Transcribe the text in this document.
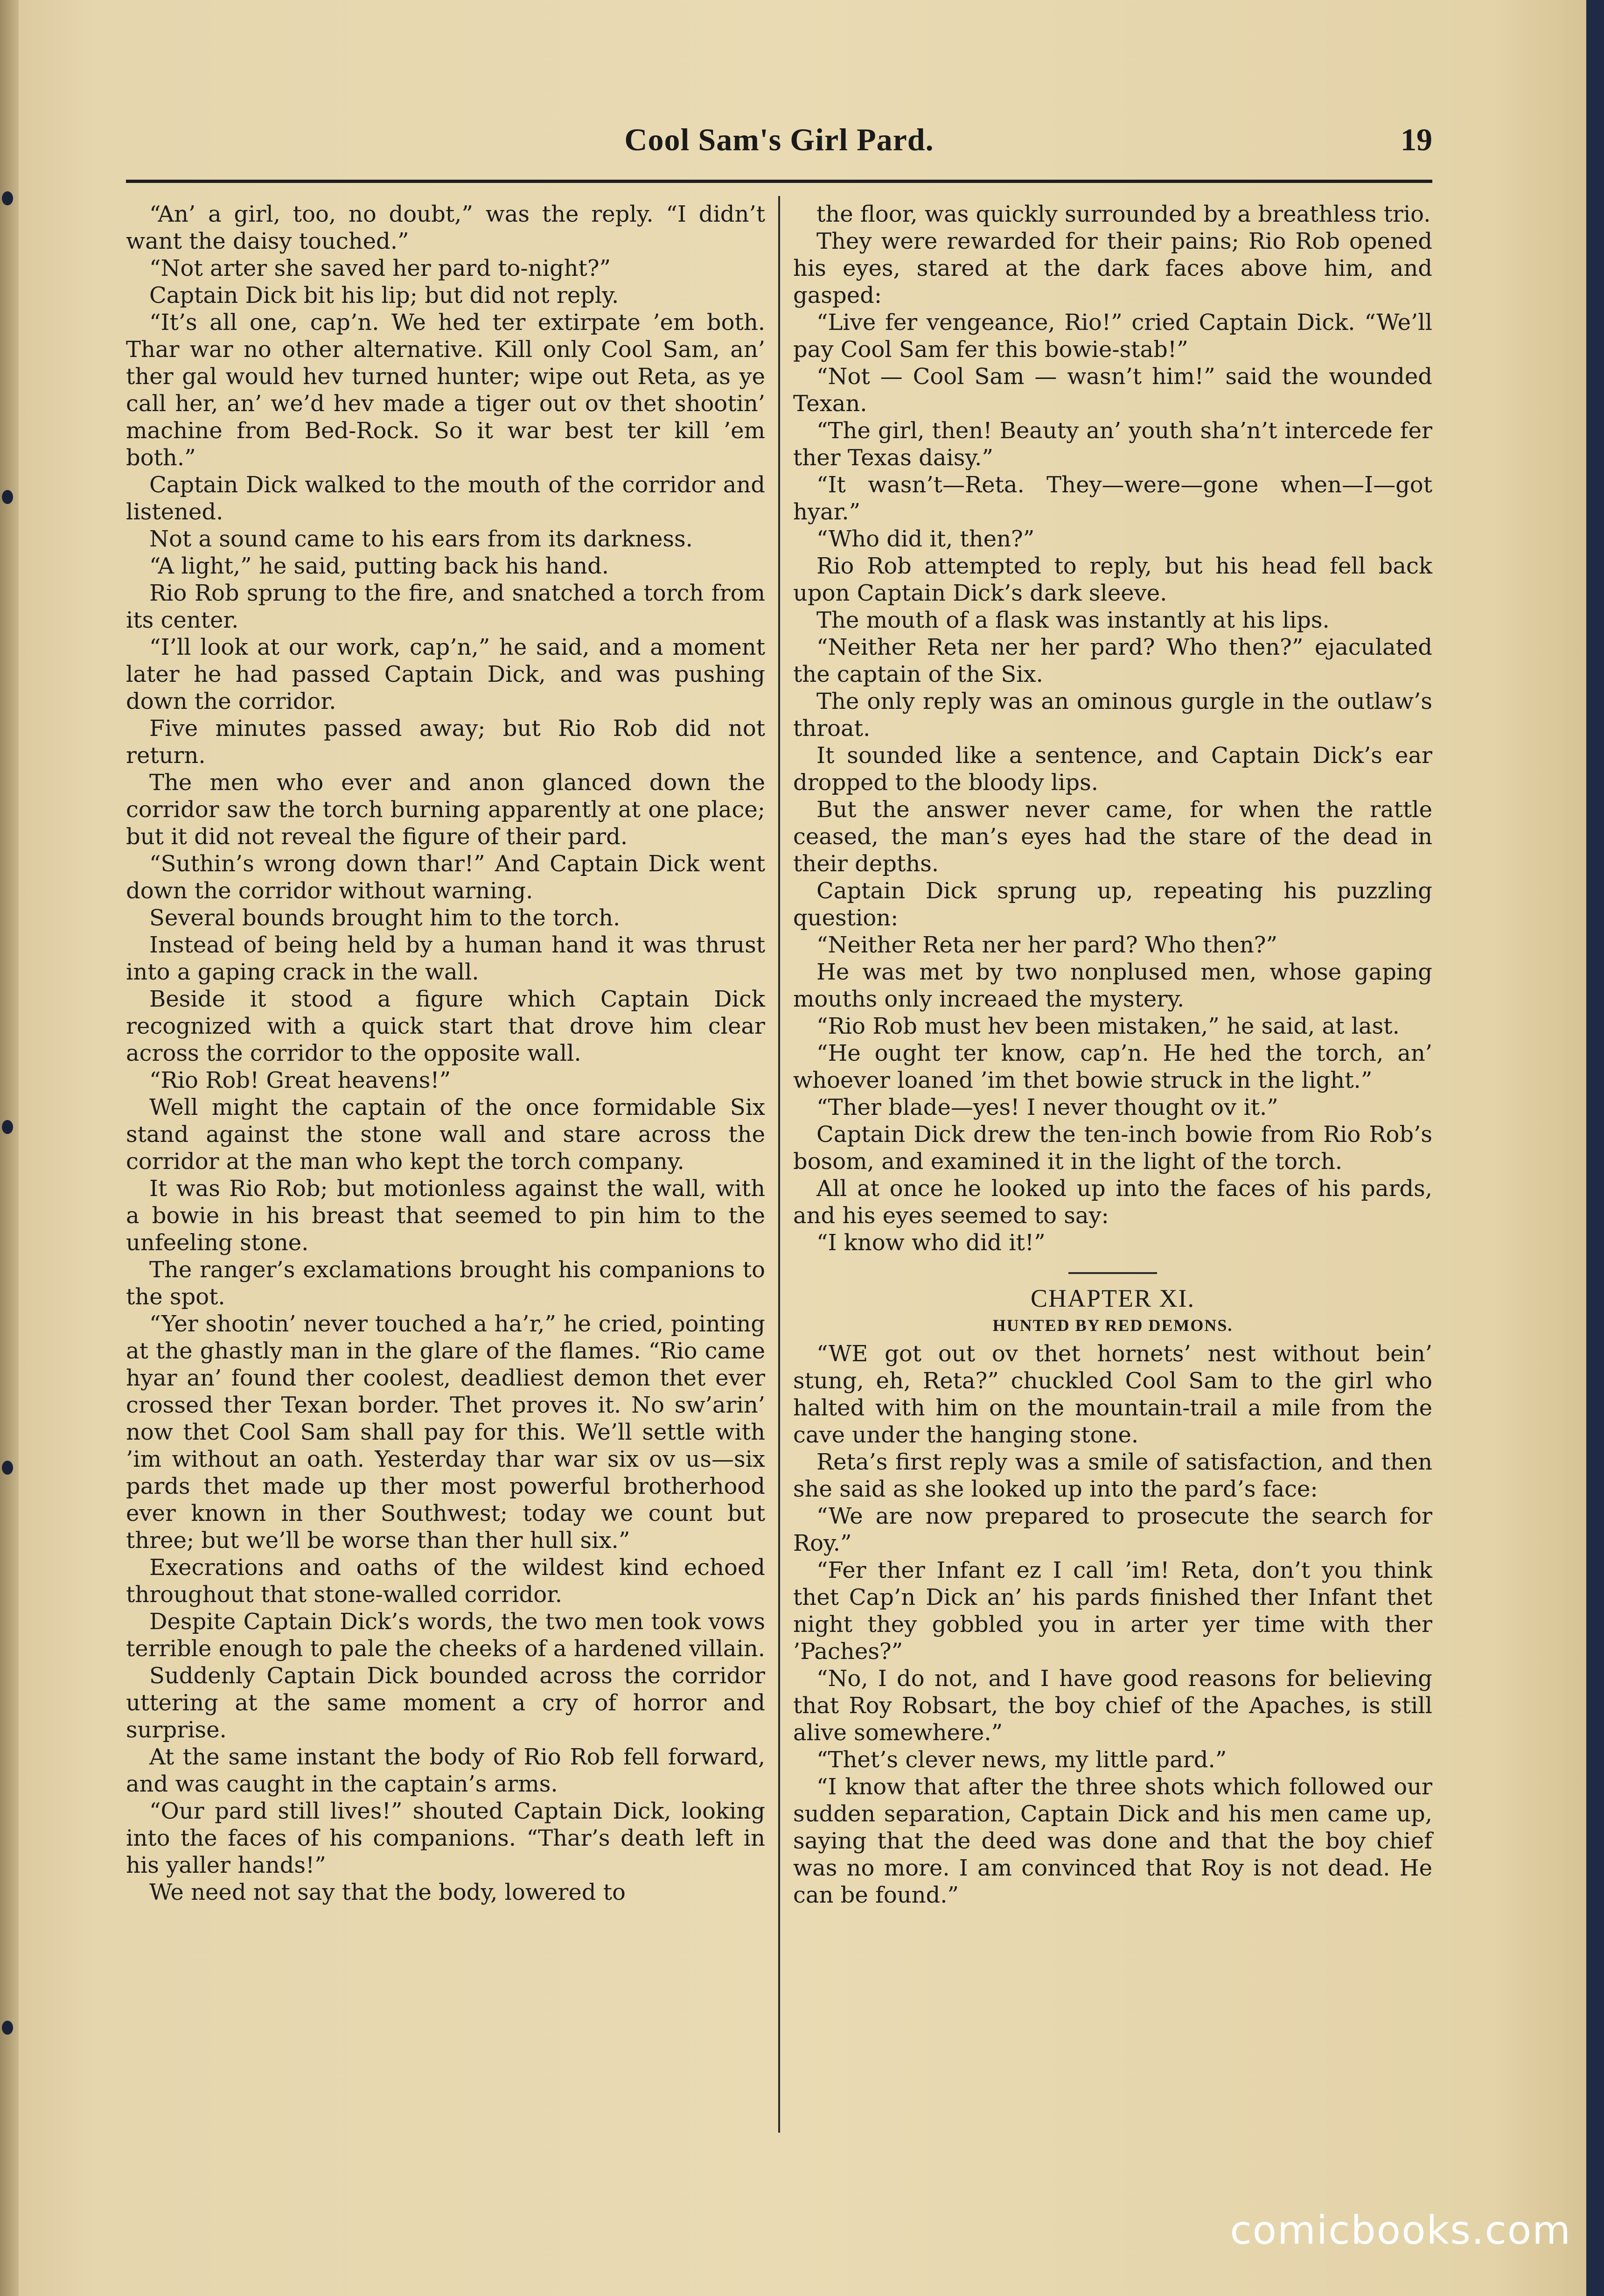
Cool Sam's Girl Pard.	19

“An’ a girl, too, no doubt,” was the reply. “I didn’t want the daisy touched.”

“Not arter she saved her pard to-night?”

Captain Dick bit his lip; but did not reply.

“It’s all one, cap’n. We hed ter extirpate ’em both. Thar war no other alternative. Kill only Cool Sam, an’ ther gal would hev turned hunter; wipe out Reta, as ye call her, an’ we’d hev made a tiger out ov thet shootin’ machine from Bed-Rock. So it war best ter kill ’em both.”

Captain Dick walked to the mouth of the corridor and listened.

Not a sound came to his ears from its darkness.

“A light,” he said, putting back his hand.

Rio Rob sprung to the fire, and snatched a torch from its center.

“I’ll look at our work, cap’n,” he said, and a moment later he had passed Captain Dick, and was pushing down the corridor.

Five minutes passed away; but Rio Rob did not return.

The men who ever and anon glanced down the corridor saw the torch burning apparently at one place; but it did not reveal the figure of their pard.

“Suthin’s wrong down thar!” And Captain Dick went down the corridor without warning.

Several bounds brought him to the torch.

Instead of being held by a human hand it was thrust into a gaping crack in the wall.

Beside it stood a figure which Captain Dick recognized with a quick start that drove him clear across the corridor to the opposite wall.

“Rio Rob! Great heavens!”

Well might the captain of the once formidable Six stand against the stone wall and stare across the corridor at the man who kept the torch company.

It was Rio Rob; but motionless against the wall, with a bowie in his breast that seemed to pin him to the unfeeling stone.

The ranger’s exclamations brought his companions to the spot.

“Yer shootin’ never touched a ha’r,” he cried, pointing at the ghastly man in the glare of the flames. “Rio came hyar an’ found ther coolest, deadliest demon thet ever crossed ther Texan border. Thet proves it. No sw’arin’ now thet Cool Sam shall pay for this. We’ll settle with ’im without an oath. Yesterday thar war six ov us—six pards thet made up ther most powerful brotherhood ever known in ther Southwest; today we count but three; but we’ll be worse than ther hull six.”

Execrations and oaths of the wildest kind echoed throughout that stone-walled corridor.

Despite Captain Dick’s words, the two men took vows terrible enough to pale the cheeks of a hardened villain.

Suddenly Captain Dick bounded across the corridor uttering at the same moment a cry of horror and surprise.

At the same instant the body of Rio Rob fell forward, and was caught in the captain’s arms.

“Our pard still lives!” shouted Captain Dick, looking into the faces of his companions. “Thar’s death left in his yaller hands!”

We need not say that the body, lowered to

the floor, was quickly surrounded by a breathless trio.

They were rewarded for their pains; Rio Rob opened his eyes, stared at the dark faces above him, and gasped:

“Live fer vengeance, Rio!” cried Captain Dick. “We’ll pay Cool Sam fer this bowie-stab!”

“Not — Cool Sam — wasn’t him!” said the wounded Texan.

“The girl, then! Beauty an’ youth sha’n’t intercede fer ther Texas daisy.”

“It wasn’t—Reta. They—were—gone when—I—got hyar.”

“Who did it, then?”

Rio Rob attempted to reply, but his head fell back upon Captain Dick’s dark sleeve.

The mouth of a flask was instantly at his lips.

“Neither Reta ner her pard? Who then?” ejaculated the captain of the Six.

The only reply was an ominous gurgle in the outlaw’s throat.

It sounded like a sentence, and Captain Dick’s ear dropped to the bloody lips.

But the answer never came, for when the rattle ceased, the man’s eyes had the stare of the dead in their depths.

Captain Dick sprung up, repeating his puzzling question:

“Neither Reta ner her pard? Who then?”

He was met by two nonplused men, whose gaping mouths only increaed the mystery.

“Rio Rob must hev been mistaken,” he said, at last.

“He ought ter know, cap’n. He hed the torch, an’ whoever loaned ’im thet bowie struck in the light.”

“Ther blade—yes! I never thought ov it.”

Captain Dick drew the ten-inch bowie from Rio Rob’s bosom, and examined it in the light of the torch.

All at once he looked up into the faces of his pards, and his eyes seemed to say:

“I know who did it!”

CHAPTER XI.
HUNTED BY RED DEMONS.

“WE got out ov thet hornets’ nest without bein’ stung, eh, Reta?” chuckled Cool Sam to the girl who halted with him on the mountain-trail a mile from the cave under the hanging stone.

Reta’s first reply was a smile of satisfaction, and then she said as she looked up into the pard’s face:

“We are now prepared to prosecute the search for Roy.”

“Fer ther Infant ez I call ’im! Reta, don’t you think thet Cap’n Dick an’ his pards finished ther Infant thet night they gobbled you in arter yer time with ther ’Paches?”

“No, I do not, and I have good reasons for believing that Roy Robsart, the boy chief of the Apaches, is still alive somewhere.”

“Thet’s clever news, my little pard.”

“I know that after the three shots which followed our sudden separation, Captain Dick and his men came up, saying that the deed was done and that the boy chief was no more. I am convinced that Roy is not dead. He can be found.”

comicbooks.com
